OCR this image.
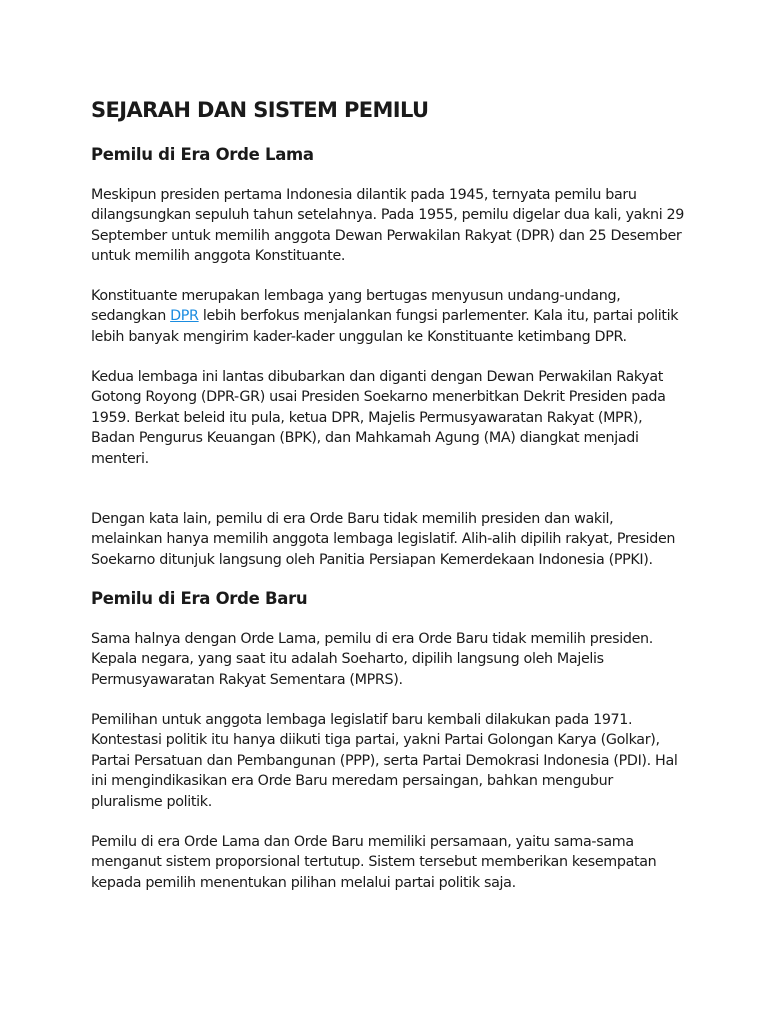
SEJARAH DAN SISTEM PEMILU
Pemilu di Era Orde Lama

Meskipun presiden pertama Indonesia dilantik pada 1945, ternyata pemilu baru
dilangsungkan sepuluh tahun setelahnya. Pada 1955, pemilu digelar dua kali, yakni 29
September untuk memilih anggota Dewan Perwakilan Rakyat (DPR) dan 25 Desember
untuk memilih anggota Konstituante.

Konstituante merupakan lembaga yang bertugas menyusun undang-undang,
sedangkan DPR lebih berfokus menjalankan fungsi parlementer. Kala itu, partai politik
lebih banyak mengirim kader-kader unggulan ke Konstituante ketimbang DPR.

Kedua lembaga ini lantas dibubarkan dan diganti dengan Dewan Perwakilan Rakyat
Gotong Royong (DPR-GR) usai Presiden Soekarno menerbitkan Dekrit Presiden pada
1959. Berkat beleid itu pula, ketua DPR, Majelis Permusyawaratan Rakyat (MPR),
Badan Pengurus Keuangan (BPK), dan Mahkamah Agung (MA) diangkat menjadi
menteri.

Dengan kata lain, pemilu di era Orde Baru tidak memilih presiden dan wakil,
melainkan hanya memilih anggota lembaga legislatif. Alih-alih dipilih rakyat, Presiden
Soekarno ditunjuk langsung oleh Panitia Persiapan Kemerdekaan Indonesia (PPKI).

Pemilu di Era Orde Baru

Sama halnya dengan Orde Lama, pemilu di era Orde Baru tidak memilih presiden.
Kepala negara, yang saat itu adalah Soeharto, dipilih langsung oleh Majelis
Permusyawaratan Rakyat Sementara (MPRS).

Pemilihan untuk anggota lembaga legislatif baru kembali dilakukan pada 1971.
Kontestasi politik itu hanya diikuti tiga partai, yakni Partai Golongan Karya (Golkar),
Partai Persatuan dan Pembangunan (PPP), serta Partai Demokrasi Indonesia (PDI). Hal
ini mengindikasikan era Orde Baru meredam persaingan, bahkan mengubur
pluralisme politik.

Pemilu di era Orde Lama dan Orde Baru memiliki persamaan, yaitu sama-sama
menganut sistem proporsional tertutup. Sistem tersebut memberikan kesempatan
kepada pemilih menentukan pilihan melalui partai politik saja.
